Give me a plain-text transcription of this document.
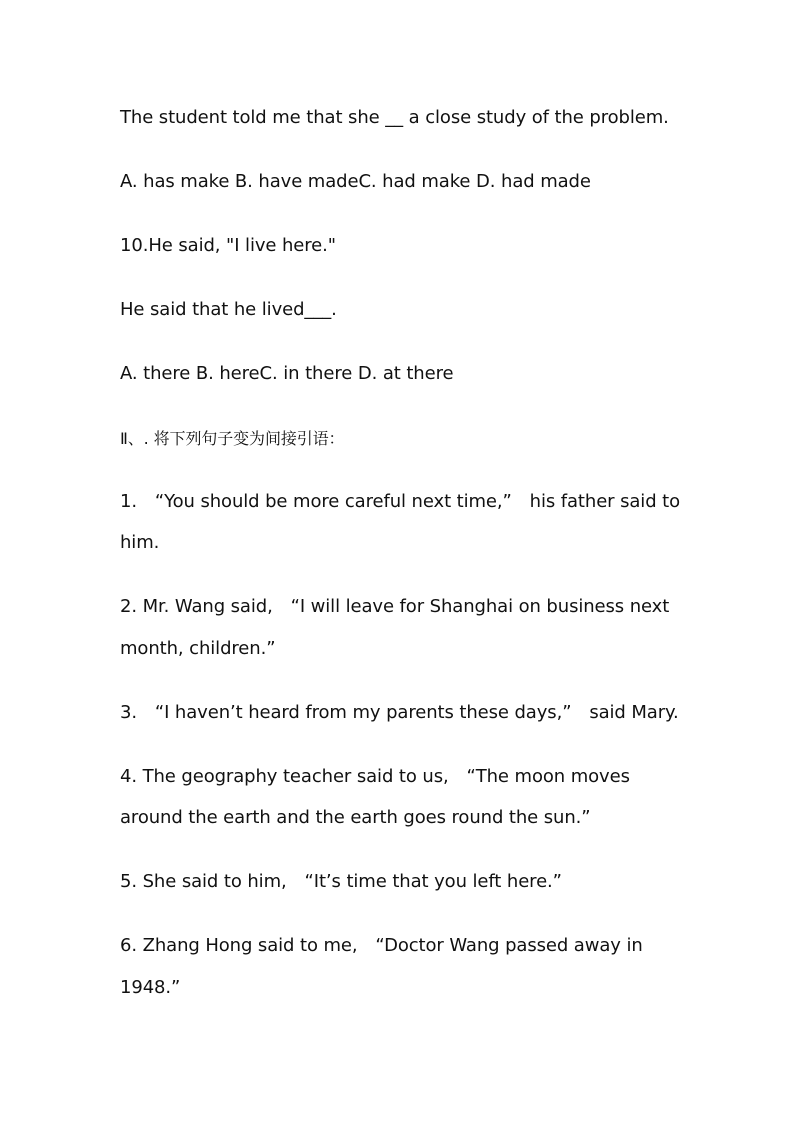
The student told me that she __ a close study of the problem.
A. has make B. have madeC. had make D. had made
10.He said, "I live here."
He said that he lived___.
A. there B. hereC. in there D. at there
Ⅱ、. 将下列句子变为间接引语：
1.　“You should be more careful next time,”　his father said to
him.
2. Mr. Wang said,　“I will leave for Shanghai on business next
month, children.”
3.　“I haven’t heard from my parents these days,”　said Mary.
4. The geography teacher said to us,　“The moon moves
around the earth and the earth goes round the sun.”
5. She said to him,　“It’s time that you left here.”
6. Zhang Hong said to me,　“Doctor Wang passed away in
1948.”
